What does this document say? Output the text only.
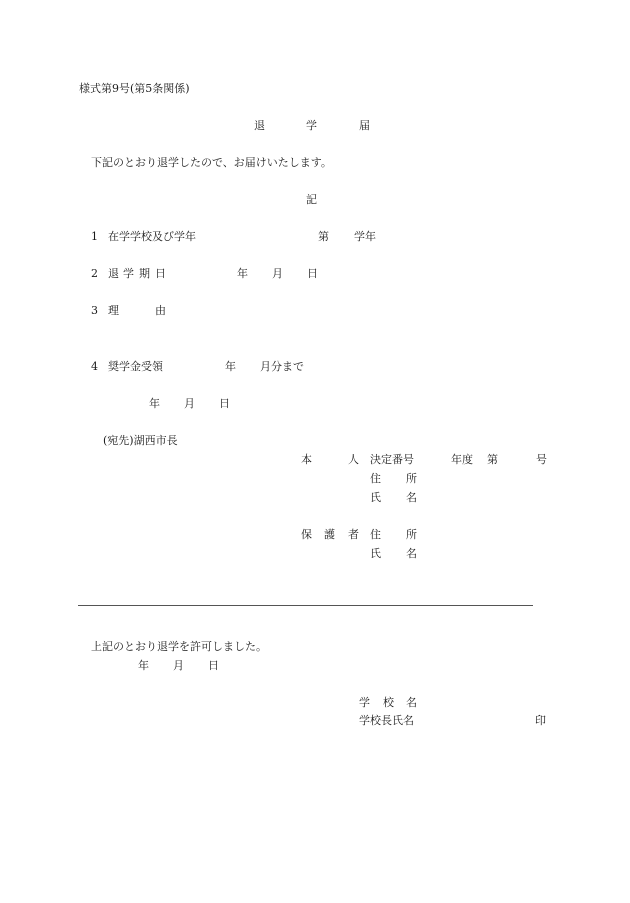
様式第9号(第5条関係)
退	学	届
下記のとおり退学したので、お届けいたします。
記
1 在学学校及び学年	第 学年
2 退 学 期 日	年 月 日
3 理	由
4 奨学金受領	年 月分まで
年 月 日
(宛先)湖西市長
本	人 決定番号	年度 第	号
住 所
氏 名
保 護 者 住 所
氏 名
上記のとおり退学を許可しました。
年 月 日
学 校 名
学校長氏名	印
